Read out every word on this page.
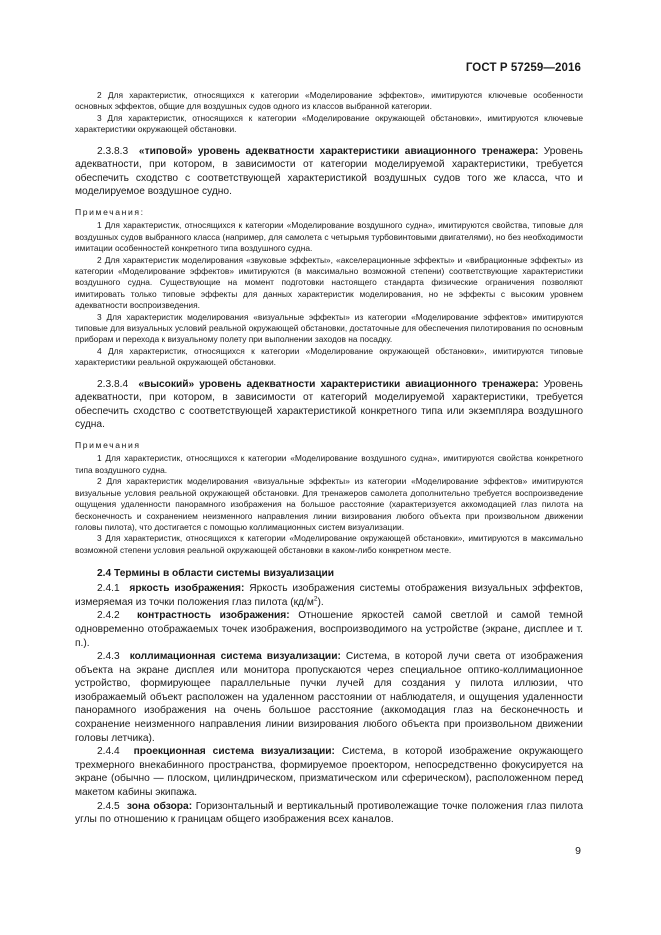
ГОСТ Р 57259—2016

2 Для характеристик, относящихся к категории «Моделирование эффектов», имитируются ключевые особенности основных эффектов, общие для воздушных судов одного из классов выбранной категории.

3 Для характеристик, относящихся к категории «Моделирование окружающей обстановки», имитируются ключевые характеристики окружающей обстановки.

2.3.8.3 «типовой» уровень адекватности характеристики авиационного тренажера: Уровень адекватности, при котором, в зависимости от категории моделируемой характеристики, требуется обеспечить сходство с соответствующей характеристикой воздушных судов того же класса, что и моделируемое воздушное судно.

Примечания:

1 Для характеристик, относящихся к категории «Моделирование воздушного судна», имитируются свойства, типовые для воздушных судов выбранного класса (например, для самолета с четырьмя турбовинтовыми двигателями), но без необходимости имитации особенностей конкретного типа воздушного судна.

2 Для характеристик моделирования «звуковые эффекты», «акселерационные эффекты» и «вибрационные эффекты» из категории «Моделирование эффектов» имитируются (в максимально возможной степени) соответствующие характеристики воздушного судна. Существующие на момент подготовки настоящего стандарта физические ограничения позволяют имитировать только типовые эффекты для данных характеристик моделирования, но не эффекты с высоким уровнем адекватности воспроизведения.

3 Для характеристик моделирования «визуальные эффекты» из категории «Моделирование эффектов» имитируются типовые для визуальных условий реальной окружающей обстановки, достаточные для обеспечения пилотирования по основным приборам и перехода к визуальному полету при выполнении заходов на посадку.

4 Для характеристик, относящихся к категории «Моделирование окружающей обстановки», имитируются типовые характеристики реальной окружающей обстановки.

2.3.8.4 «высокий» уровень адекватности характеристики авиационного тренажера: Уровень адекватности, при котором, в зависимости от категорий моделируемой характеристики, требуется обеспечить сходство с соответствующей характеристикой конкретного типа или экземпляра воздушного судна.

Примечания

1 Для характеристик, относящихся к категории «Моделирование воздушного судна», имитируются свойства конкретного типа воздушного судна.

2 Для характеристик моделирования «визуальные эффекты» из категории «Моделирование эффектов» имитируются визуальные условия реальной окружающей обстановки. Для тренажеров самолета дополнительно требуется воспроизведение ощущения удаленности панорамного изображения на большое расстояние (характеризуется аккомодацией глаз пилота на бесконечность и сохранением неизменного направления линии визирования любого объекта при произвольном движении головы пилота), что достигается с помощью коллимационных систем визуализации.

3 Для характеристик, относящихся к категории «Моделирование окружающей обстановки», имитируются в максимально возможной степени условия реальной окружающей обстановки в каком-либо конкретном месте.

2.4 Термины в области системы визуализации

2.4.1 яркость изображения: Яркость изображения системы отображения визуальных эффектов, измеряемая из точки положения глаз пилота $(кд/м^2)$.

2.4.2 контрастность изображения: Отношение яркостей самой светлой и самой темной одновременно отображаемых точек изображения, воспроизводимого на устройстве (экране, дисплее и т. п.).

2.4.3 коллимационная система визуализации: Система, в которой лучи света от изображения объекта на экране дисплея или монитора пропускаются через специальное оптико-коллимационное устройство, формирующее параллельные пучки лучей для создания у пилота иллюзии, что изображаемый объект расположен на удаленном расстоянии от наблюдателя, и ощущения удаленности панорамного изображения на очень большое расстояние (аккомодация глаз на бесконечность и сохранение неизменного направления линии визирования любого объекта при произвольном движении головы летчика).

2.4.4 проекционная система визуализации: Система, в которой изображение окружающего трехмерного внекабинного пространства, формируемое проектором, непосредственно фокусируется на экране (обычно — плоском, цилиндрическом, призматическом или сферическом), расположенном перед макетом кабины экипажа.

2.4.5 зона обзора: Горизонтальный и вертикальный противолежащие точке положения глаз пилота углы по отношению к границам общего изображения всех каналов.

9
